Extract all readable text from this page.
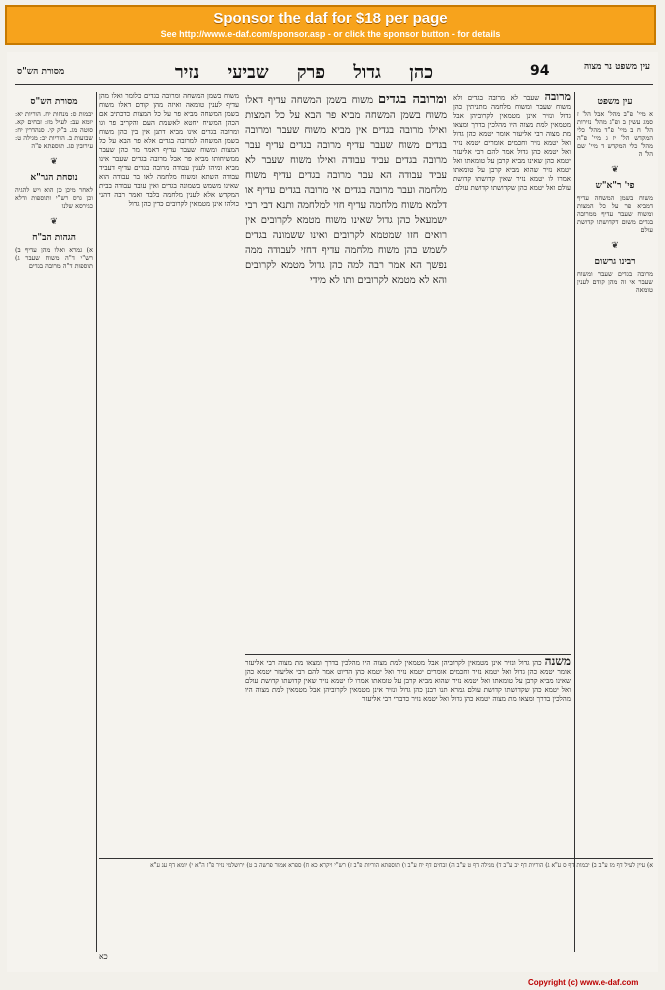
Sponsor the daf for $18 per page
See http://www.e-daf.com/sponsor.asp - or click the sponsor button - for details
מסורת הש"ס	כהן גדול פרק שביעי נזיר	94	עין משפט נר מצוה
מסורת הש"ס

יבמות ס: מנחות יח. הוריות יא: יומא עב: לעיל מז: זבחים קא. סוטה מג. ב"ק קי. סנהדרין יח: שבועות ב. הוריות יב: מגילה ט: עירובין סג. תוספתא פ"ה

❦
נוסחת הגר"א

לאחר מיכן כן הוא ויש להגיה וכן גרס רש"י ותוספות ודלא כגירסא שלנו

❦
הגהות הב"ח

א) גמרא ואלו מהן עדיף ב) רש"י ד"ה משוח שעבר ג) תוספות ד"ה מרובה בגדים

משוח בשמן המשחה ומרובה בגדים כלומר ואלו מהן עדיף לענין טומאה ואיזה מהן קודם דאלו משוח בשמן המשחה מביא פר על כל המצות כדכתיב אם הכהן המשיח יחטא לאשמת העם והקריב פר וגו ומרובה בגדים אינו מביא דתנן אין בין כהן משוח בשמן המשחה למרובה בגדים אלא פר הבא על כל המצות ומשוח שעבר עדיף דאמר מר כהן שעבר ממשיחותו מביא פר אבל מרובה בגדים שעבר אינו מביא ומיהו לענין עבודה מרובה בגדים עדיף דעביד עבודה השתא ומשוח מלחמה לאו בר עבודה הוא שאינו משמש בשמונה בגדים ואין עובד עבודה בבית המקדש אלא לענין מלחמה בלבד ואמר רבה דהני כולהו אינן מטמאין לקרובים כדין כהן גדול

ומרובה בגדים משוח בשמן המשחה עדיף דאלו משוח בשמן המשחה מביא פר הבא על כל המצות ואילו מרובה בגדים אין מביא משוח שעבר ומרובה בגדים משוח שעבר עדיף מרובה בגדים עדיף עבר מרובה בגדים עביד עבודה ואילו משוח שעבר לא עביד עבודה הא עבר מרובה בגדים עדיף משוח מלחמה ועבר מרובה בגדים אי מרובה בגדים עדיף או דלמא משוח מלחמה עדיף חזי למלחמה ותנא דבי רבי ישמעאל כהן גדול שאינו משוח מטמא לקרובים אין רואים חזו שמטמא לקרובים ואינו ששמונה בגדים לשמש בהן משוח מלחמה עדיף דחזי לעבודה ממה נפשך הא אמר רבה למה כהן גדול מטמא לקרובים והא לא מטמא לקרובים ותו לא מידי

מרובה שעבר לא מרובה בגדים ולא משוח שעבר ומשוח מלחמה מתניתין כהן גדול ונזיר אינן מטמאין לקרוביהן אבל מטמאין למת מצוה היו מהלכין בדרך ומצאו מת מצוה רבי אליעזר אומר יטמא כהן גדול ואל יטמא נזיר וחכמים אומרים יטמא נזיר ואל יטמא כהן גדול אמר להם רבי אליעזר יטמא כהן שאינו מביא קרבן על טומאתו ואל יטמא נזיר שהוא מביא קרבן על טומאתו אמרו לו יטמא נזיר שאין קדושתו קדושת עולם ואל יטמא כהן שקדושתו קדושת עולם

עין משפט

א מיי' פ"ב מהל' אבל הל' ז סמג עשין ב ופ"ג מהל' נזירות הל' ח ב מיי' פ"ד מהל' כלי המקדש הל' יז ג מיי' פ"ה מהל' כלי המקדש ד מיי' שם הל' ה

❦
פי' ר"א"ש

משוח בשמן המשחה עדיף דמביא פר על כל המצות ומשוח שעבר עדיף ממרובה בגדים משום דקדושתו קדושת עולם

❦
רבינו גרשום

מרובה בגדים שעבר ומשוח שעבר אי זה מהן קודם לענין טומאה

משנה כהן גדול ונזיר אינן מטמאין לקרוביהן אבל מטמאין למת מצוה היו מהלכין בדרך ומצאו מת מצוה רבי אליעזר אומר יטמא כהן גדול ואל יטמא נזיר וחכמים אומרים יטמא נזיר ואל יטמא כהן הדיוט אמר להם רבי אליעזר יטמא כהן שאינו מביא קרבן על טומאתו ואל יטמא נזיר שהוא מביא קרבן על טומאתו אמרו לו יטמא נזיר שאין קדושתו קדושת עולם ואל יטמא כהן שקדושתו קדושת עולם גמרא תנו רבנן כהן גדול ונזיר אינן מטמאין לקרוביהן אבל מטמאין למת מצוה היו מהלכין בדרך ומצאו מת מצוה יטמא כהן גדול ואל יטמא נזיר כדברי רבי אליעזר

א) עיין לעיל דף מז ע"ב ב) יבמות דף ס ע"א ג) הוריות דף יב ע"ב ד) מגילה דף ט ע"ב ה) זבחים דף יח ע"ב ו) תוספתא הוריות פ"ב ז) רש"י ויקרא כא ח) ספרא אמור פרשה ב ט) ירושלמי נזיר פ"ז ה"א י) יומא דף עג ע"א

כא
Copyright (c) www.e-daf.com
